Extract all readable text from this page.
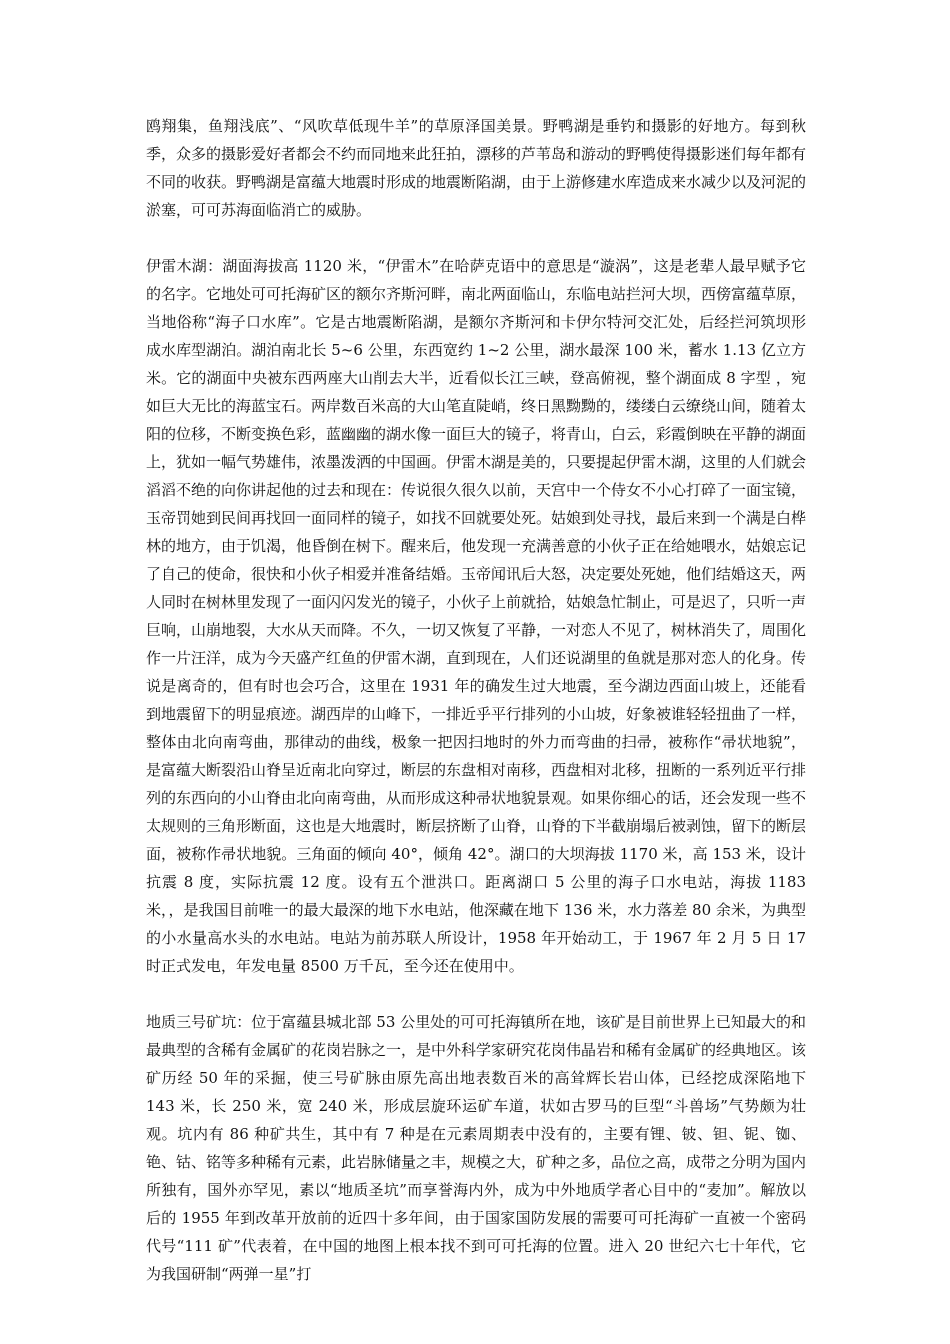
鸥翔集，鱼翔浅底”、“风吹草低现牛羊”的草原泽国美景。野鸭湖是垂钓和摄影的好地方。每到秋季，众多的摄影爱好者都会不约而同地来此狂拍，漂移的芦苇岛和游动的野鸭使得摄影迷们每年都有不同的收获。野鸭湖是富蕴大地震时形成的地震断陷湖，由于上游修建水库造成来水减少以及河泥的淤塞，可可苏海面临消亡的威胁。

伊雷木湖：湖面海拔高 1120 米，“伊雷木”在哈萨克语中的意思是“漩涡”，这是老辈人最早赋予它的名字。它地处可可托海矿区的额尔齐斯河畔，南北两面临山，东临电站拦河大坝，西傍富蕴草原，当地俗称“海子口水库”。它是古地震断陷湖，是额尔齐斯河和卡伊尔特河交汇处，后经拦河筑坝形成水库型湖泊。湖泊南北长 5~6 公里，东西宽约 1~2 公里，湖水最深 100 米，蓄水 1.13 亿立方米。它的湖面中央被东西两座大山削去大半，近看似长江三峡，登高俯视，整个湖面成 8 字型 ，宛如巨大无比的海蓝宝石。两岸数百米高的大山笔直陡峭，终日黑黝黝的，缕缕白云缭绕山间，随着太阳的位移，不断变换色彩，蓝幽幽的湖水像一面巨大的镜子，将青山，白云，彩霞倒映在平静的湖面上，犹如一幅气势雄伟，浓墨泼洒的中国画。伊雷木湖是美的，只要提起伊雷木湖，这里的人们就会滔滔不绝的向你讲起他的过去和现在：传说很久很久以前，天宫中一个侍女不小心打碎了一面宝镜，玉帝罚她到民间再找回一面同样的镜子，如找不回就要处死。姑娘到处寻找，最后来到一个满是白桦林的地方，由于饥渴，他昏倒在树下。醒来后，他发现一充满善意的小伙子正在给她喂水，姑娘忘记了自己的使命，很快和小伙子相爱并准备结婚。玉帝闻讯后大怒，决定要处死她，他们结婚这天，两人同时在树林里发现了一面闪闪发光的镜子，小伙子上前就拾，姑娘急忙制止，可是迟了，只听一声巨响，山崩地裂，大水从天而降。不久，一切又恢复了平静，一对恋人不见了，树林消失了，周围化作一片汪洋，成为今天盛产红鱼的伊雷木湖，直到现在，人们还说湖里的鱼就是那对恋人的化身。传说是离奇的，但有时也会巧合，这里在 1931 年的确发生过大地震，至今湖边西面山坡上，还能看到地震留下的明显痕迹。湖西岸的山峰下，一排近乎平行排列的小山坡，好象被谁轻轻扭曲了一样，整体由北向南弯曲，那律动的曲线，极象一把因扫地时的外力而弯曲的扫帚，被称作“帚状地貌”，是富蕴大断裂沿山脊呈近南北向穿过，断层的东盘相对南移，西盘相对北移，扭断的一系列近平行排列的东西向的小山脊由北向南弯曲，从而形成这种帚状地貌景观。如果你细心的话，还会发现一些不太规则的三角形断面，这也是大地震时，断层挤断了山脊，山脊的下半截崩塌后被剥蚀，留下的断层面，被称作帚状地貌。三角面的倾向 40°，倾角 42°。湖口的大坝海拔 1170 米，高 153 米，设计抗震 8 度，实际抗震 12 度。设有五个泄洪口。距离湖口 5 公里的海子口水电站，海拔 1183 米，，是我国目前唯一的最大最深的地下水电站，他深藏在地下 136 米，水力落差 80 余米，为典型的小水量高水头的水电站。电站为前苏联人所设计，1958 年开始动工，于 1967 年 2 月 5 日 17 时正式发电，年发电量 8500 万千瓦，至今还在使用中。

地质三号矿坑：位于富蕴县城北部 53 公里处的可可托海镇所在地，该矿是目前世界上已知最大的和最典型的含稀有金属矿的花岗岩脉之一，是中外科学家研究花岗伟晶岩和稀有金属矿的经典地区。该矿历经 50 年的采掘，使三号矿脉由原先高出地表数百米的高耸辉长岩山体，已经挖成深陷地下 143 米，长 250 米，宽 240 米，形成层旋环运矿车道，状如古罗马的巨型“斗兽场”气势颇为壮观。坑内有 86 种矿共生，其中有 7 种是在元素周期表中没有的，主要有锂、铍、钽、铌、铷、铯、钴、铭等多种稀有元素，此岩脉储量之丰，规模之大，矿种之多，品位之高，成带之分明为国内所独有，国外亦罕见，素以“地质圣坑”而享誉海内外，成为中外地质学者心目中的“麦加”。解放以后的 1955 年到改革开放前的近四十多年间，由于国家国防发展的需要可可托海矿一直被一个密码代号“111 矿”代表着，在中国的地图上根本找不到可可托海的位置。进入 20 世纪六七十年代，它为我国研制“两弹一星”打
